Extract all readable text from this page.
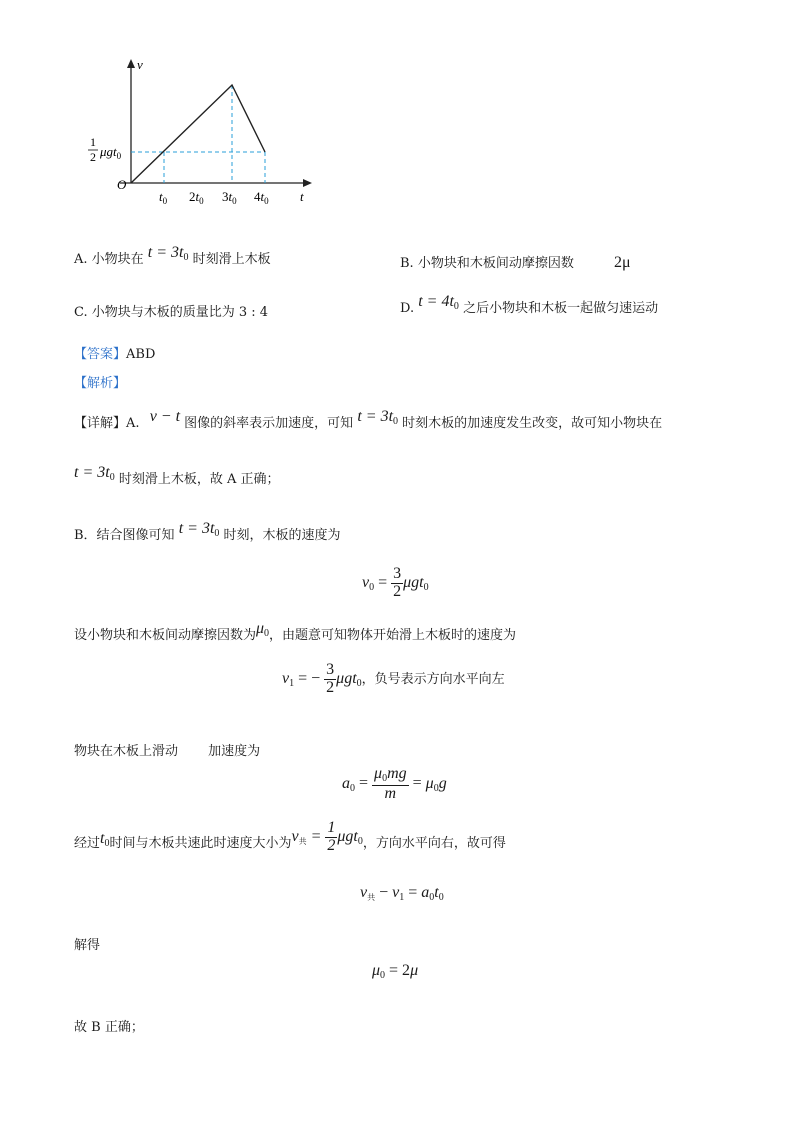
v
t
O
1
2 μgt$_0$
$t_0$ $2t_0$ $3t_0$ $4t_0$
A. 小物块在 $t = 3t_0$ 时刻滑上木板	B. 小物块和木板间动摩擦因数	2μ
C. 小物块与木板的质量比为 3 : 4	D. $t = 4t_0$ 之后小物块和木板一起做匀速运动
【答案】ABD
【解析】
【详解】A. v − t 图像的斜率表示加速度，可知 $t = 3t_0$ 时刻木板的加速度发生改变，故可知小物块在
$t = 3t_0$ 时刻滑上木板，故 A 正确；
B．结合图像可知 $t = 3t_0$ 时刻，木板的速度为
$v_0 = \frac{3}{2} \mu gt_0$
设小物块和木板间动摩擦因数为$\mu_0$，由题意可知物体开始滑上木板时的速度为
$v_1$ = − $\frac{3}{2} \mu gt_0$，负号表示方向水平向左
物块在木板上滑动　　 加速度为
$a_0 = \frac{\mu_0mg}{m} = \mu_0g$
经过$t_0$时间与木板共速此时速度大小为$v_共 = \frac{1}{2} \mu gt_0$，方向水平向右，故可得
$v_共 - v_1 = a_0t_0$
解得
$\mu_0 = 2\mu$
故 B 正确；
